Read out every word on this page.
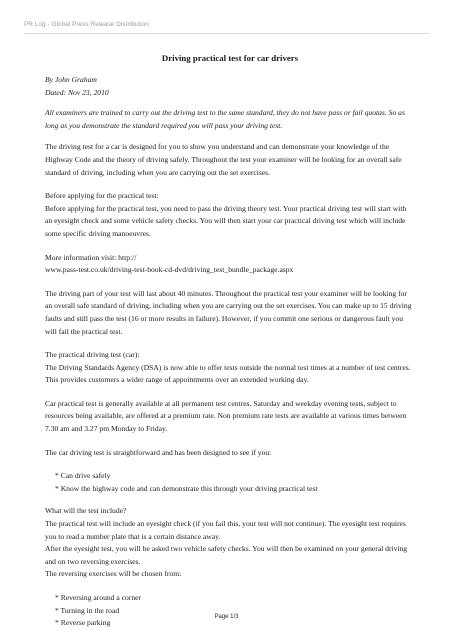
PR Log - Global Press Release Distribution
Driving practical test for car drivers
By John Graham
Dated: Nov 23, 2010

All examiners are trained to carry out the driving test to the same standard, they do not have pass or fail quotas. So as long as you demonstrate the standard required you will pass your driving test.

The driving test for a car is designed for you to show you understand and can demonstrate your knowledge of the Highway Code and the theory of driving safely. Throughout the test your examiner will be looking for an overall safe standard of driving, including when you are carrying out the set exercises.

Before applying for the practical test:
Before applying for the practical test, you need to pass the driving theory test. Your practical driving test will start with an eyesight check and some vehicle safety checks. You will then start your car practical driving test which will include some specific driving manoeuvres.

More information visit: http://
www.pass-test.co.uk/driving-test-book-cd-dvd/driving_test_bundle_package.aspx

The driving part of your test will last about 40 minutes. Throughout the practical test your examiner will be looking for an overall safe standard of driving, including when you are carrying out the set exercises. You can make up to 15 driving faults and still pass the test (16 or more results in failure). However, if you commit one serious or dangerous fault you will fail the practical test.

The practical driving test (car):
The Driving Standards Agency (DSA) is now able to offer tests outside the normal test times at a number of test centres. This provides customers a wider range of appointments over an extended working day.

Car practical test is generally available at all permanent test centres. Saturday and weekday evening tests, subject to resources being available, are offered at a premium rate. Non premium rate tests are available at various times between 7.30 am and 3.27 pm Monday to Friday.

The car driving test is straightforward and has been designed to see if you:

* Can drive safely
* Know the highway code and can demonstrate this through your driving practical test

What will the test include?
The practical test will include an eyesight check (if you fail this, your test will not continue). The eyesight test requires you to read a number plate that is a certain distance away.
After the eyesight test, you will be asked two vehicle safety checks. You will then be examined on your general driving and on two reversing exercises.
The reversing exercises will be chosen from:

* Reversing around a corner
* Turning in the road
* Reverse parking
Page 1/3
